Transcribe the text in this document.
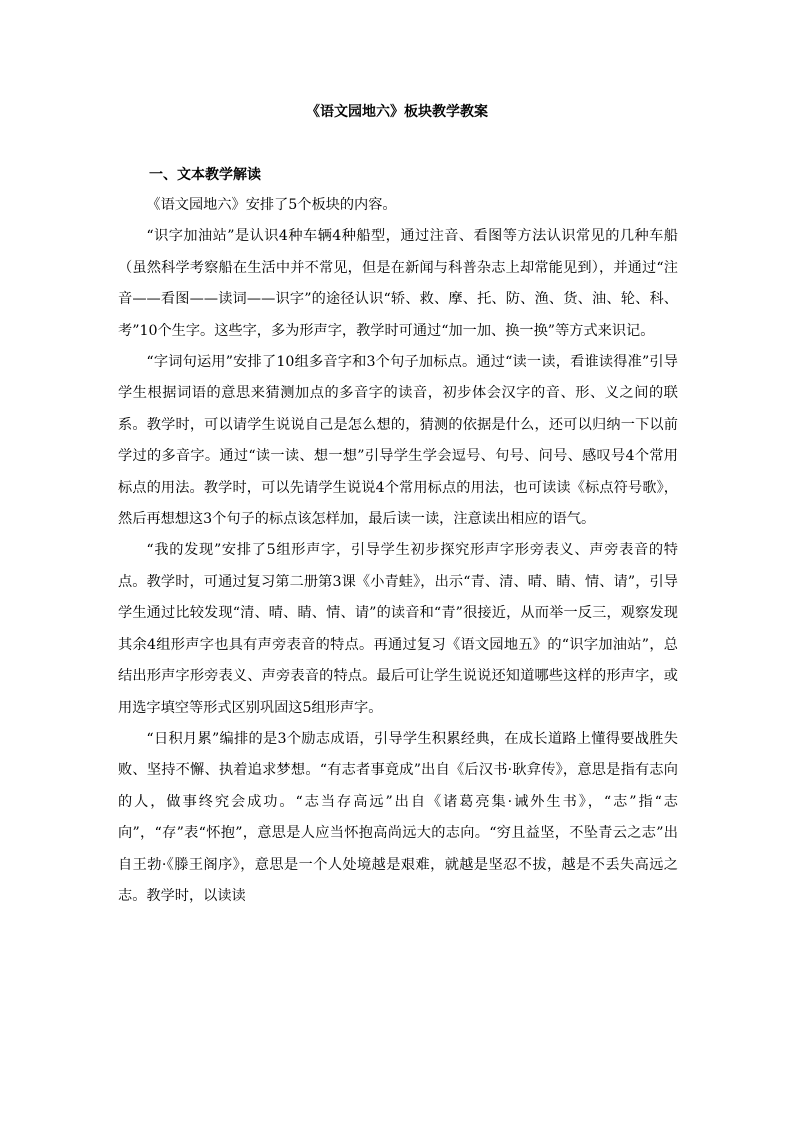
《语文园地六》板块教学教案
一、文本教学解读

《语文园地六》安排了5个板块的内容。

“识字加油站”是认识4种车辆4种船型，通过注音、看图等方法认识常见的几种车船（虽然科学考察船在生活中并不常见，但是在新闻与科普杂志上却常能见到），并通过“注音——看图——读词——识字”的途径认识“轿、救、摩、托、防、渔、货、油、轮、科、考”10个生字。这些字，多为形声字，教学时可通过“加一加、换一换”等方式来识记。

“字词句运用”安排了10组多音字和3个句子加标点。通过“读一读，看谁读得准”引导学生根据词语的意思来猜测加点的多音字的读音，初步体会汉字的音、形、义之间的联系。教学时，可以请学生说说自己是怎么想的，猜测的依据是什么，还可以归纳一下以前学过的多音字。通过“读一读、想一想”引导学生学会逗号、句号、问号、感叹号4个常用标点的用法。教学时，可以先请学生说说4个常用标点的用法，也可读读《标点符号歌》，然后再想想这3个句子的标点该怎样加，最后读一读，注意读出相应的语气。

“我的发现”安排了5组形声字，引导学生初步探究形声字形旁表义、声旁表音的特点。教学时，可通过复习第二册第3课《小青蛙》，出示“青、清、晴、睛、情、请”，引导学生通过比较发现“清、晴、睛、情、请”的读音和“青”很接近，从而举一反三，观察发现其余4组形声字也具有声旁表音的特点。再通过复习《语文园地五》的“识字加油站”，总结出形声字形旁表义、声旁表音的特点。最后可让学生说说还知道哪些这样的形声字，或用选字填空等形式区别巩固这5组形声字。

“日积月累”编排的是3个励志成语，引导学生积累经典，在成长道路上懂得要战胜失败、坚持不懈、执着追求梦想。“有志者事竟成”出自《后汉书·耿弇传》，意思是指有志向的人，做事终究会成功。“志当存高远”出自《诸葛亮集·诫外生书》，“志”指“志向”，“存”表“怀抱”，意思是人应当怀抱高尚远大的志向。“穷且益坚，不坠青云之志”出自王勃·《滕王阁序》，意思是一个人处境越是艰难，就越是坚忍不拔，越是不丢失高远之志。教学时，以读读
